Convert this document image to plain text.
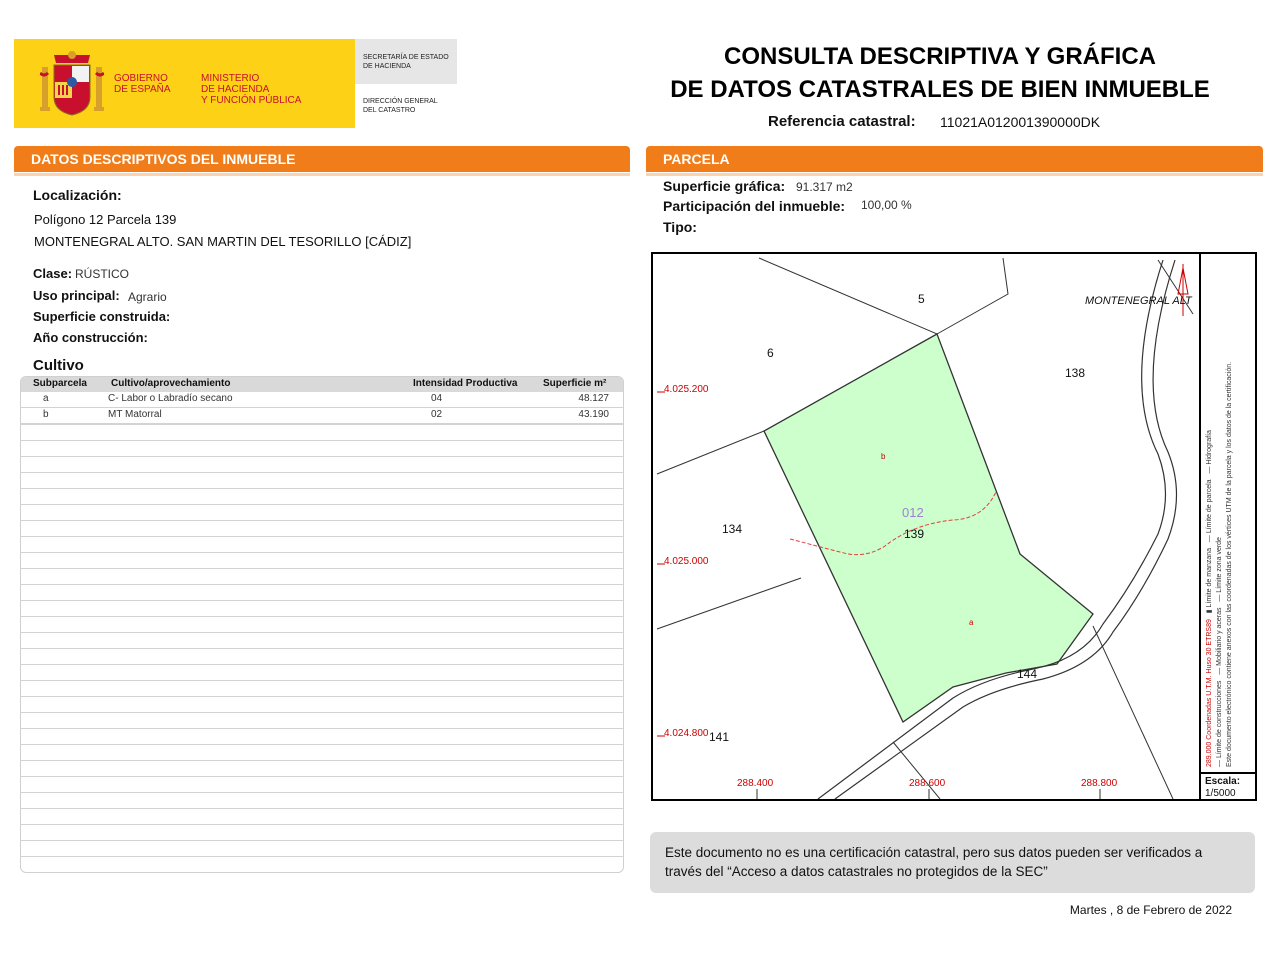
GOBIERNO
DE ESPAÑA
MINISTERIO
DE HACIENDA
Y FUNCIÓN PÚBLICA
SECRETARÍA DE ESTADO
DE HACIENDA
DIRECCIÓN GENERAL
DEL CATASTRO
CONSULTA DESCRIPTIVA Y GRÁFICA
DE DATOS CATASTRALES DE BIEN INMUEBLE
Referencia catastral: 11021A012001390000DK
DATOS DESCRIPTIVOS DEL INMUEBLE
Localización:
Polígono 12 Parcela 139
MONTENEGRAL ALTO. SAN MARTIN DEL TESORILLO [CÁDIZ]
Clase: RÚSTICO
Uso principal: Agrario
Superficie construida:
Año construcción:
Cultivo
Subparcela Cultivo/aprovechamiento	Intensidad Productiva	Superficie m²
a	C- Labor o Labradío secano	04	48.127
b	MT Matorral	02	43.190
PARCELA
Superficie gráfica: 91.317 m2
Participación del inmueble: 100,00 %
Tipo:
5
6
138
134	139
144
141
MONTENEGRAL ALT
012
b
a
4.025.200
4.025.000
4.024.800
288.400	288.600	288.800
289.000 Coordenadas U.T.M. Huso 30 ETRS89   ▮ Límite de manzana   — Límite de parcela   — Hidrografía
— Límite de construcciones   — Mobiliario y aceras   — Límite zona verde Este documento electrónico contiene anexos con las coordenadas de los vértices UTM de la parcela y los datos de la certificación.
Escala:
1/5000
Este documento no es una certificación catastral, pero sus datos pueden ser verificados a través del “Acceso a datos catastrales no protegidos de la SEC”
Martes , 8 de Febrero de 2022
